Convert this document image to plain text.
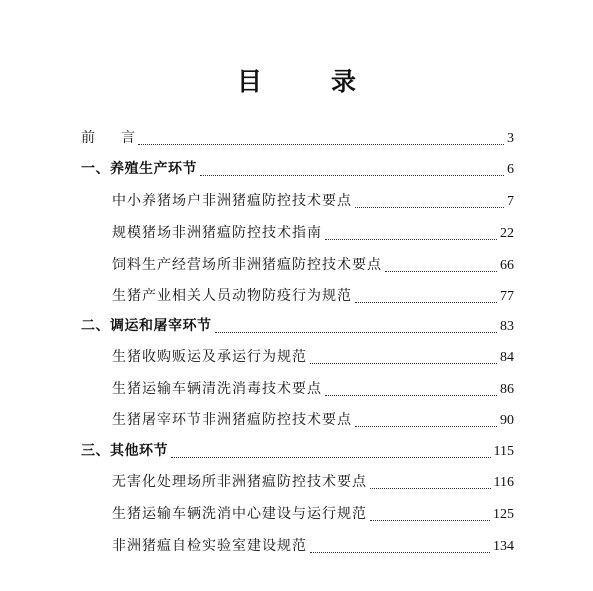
目　录
前 言	3
一、养殖生产环节	6
中小养猪场户非洲猪瘟防控技术要点	7
规模猪场非洲猪瘟防控技术指南	22
饲料生产经营场所非洲猪瘟防控技术要点	66
生猪产业相关人员动物防疫行为规范	77
二、调运和屠宰环节	83
生猪收购贩运及承运行为规范	84
生猪运输车辆清洗消毒技术要点	86
生猪屠宰环节非洲猪瘟防控技术要点	90
三、其他环节	115
无害化处理场所非洲猪瘟防控技术要点	116
生猪运输车辆洗消中心建设与运行规范	125
非洲猪瘟自检实验室建设规范	134
